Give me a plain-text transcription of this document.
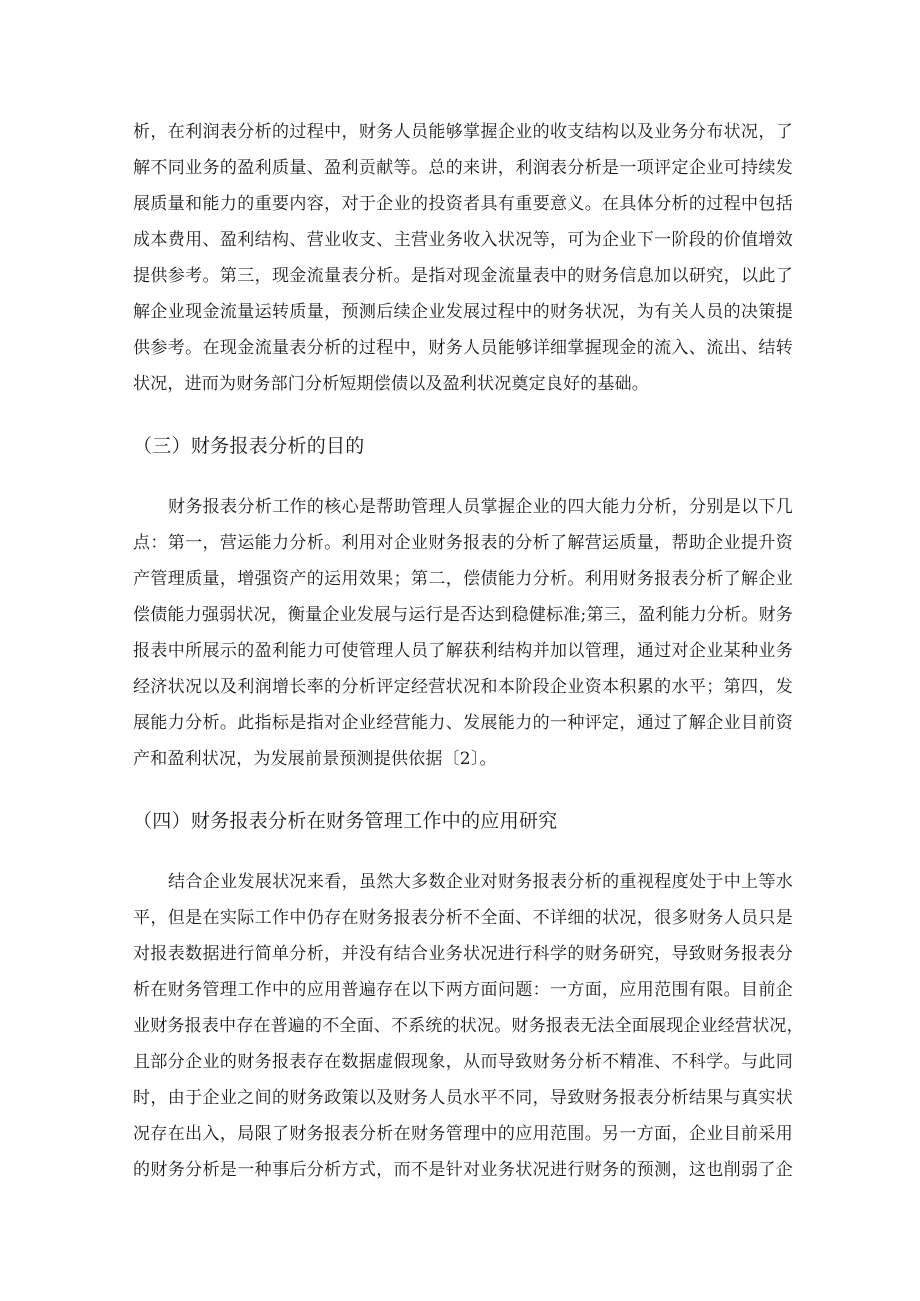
析，在利润表分析的过程中，财务人员能够掌握企业的收支结构以及业务分布状况，了
解不同业务的盈利质量、盈利贡献等。总的来讲，利润表分析是一项评定企业可持续发
展质量和能力的重要内容，对于企业的投资者具有重要意义。在具体分析的过程中包括
成本费用、盈利结构、营业收支、主营业务收入状况等，可为企业下一阶段的价值增效
提供参考。第三，现金流量表分析。是指对现金流量表中的财务信息加以研究，以此了
解企业现金流量运转质量，预测后续企业发展过程中的财务状况，为有关人员的决策提
供参考。在现金流量表分析的过程中，财务人员能够详细掌握现金的流入、流出、结转
状况，进而为财务部门分析短期偿债以及盈利状况奠定良好的基础。
（三）财务报表分析的目的
财务报表分析工作的核心是帮助管理人员掌握企业的四大能力分析，分别是以下几
点：第一，营运能力分析。利用对企业财务报表的分析了解营运质量，帮助企业提升资
产管理质量，增强资产的运用效果；第二，偿债能力分析。利用财务报表分析了解企业
偿债能力强弱状况，衡量企业发展与运行是否达到稳健标准;第三，盈利能力分析。财务
报表中所展示的盈利能力可使管理人员了解获利结构并加以管理，通过对企业某种业务
经济状况以及利润增长率的分析评定经营状况和本阶段企业资本积累的水平；第四，发
展能力分析。此指标是指对企业经营能力、发展能力的一种评定，通过了解企业目前资
产和盈利状况，为发展前景预测提供依据〔2〕。
（四）财务报表分析在财务管理工作中的应用研究
结合企业发展状况来看，虽然大多数企业对财务报表分析的重视程度处于中上等水
平，但是在实际工作中仍存在财务报表分析不全面、不详细的状况，很多财务人员只是
对报表数据进行简单分析，并没有结合业务状况进行科学的财务研究，导致财务报表分
析在财务管理工作中的应用普遍存在以下两方面问题：一方面，应用范围有限。目前企
业财务报表中存在普遍的不全面、不系统的状况。财务报表无法全面展现企业经营状况，
且部分企业的财务报表存在数据虚假现象，从而导致财务分析不精准、不科学。与此同
时，由于企业之间的财务政策以及财务人员水平不同，导致财务报表分析结果与真实状
况存在出入，局限了财务报表分析在财务管理中的应用范围。另一方面，企业目前采用
的财务分析是一种事后分析方式，而不是针对业务状况进行财务的预测，这也削弱了企
